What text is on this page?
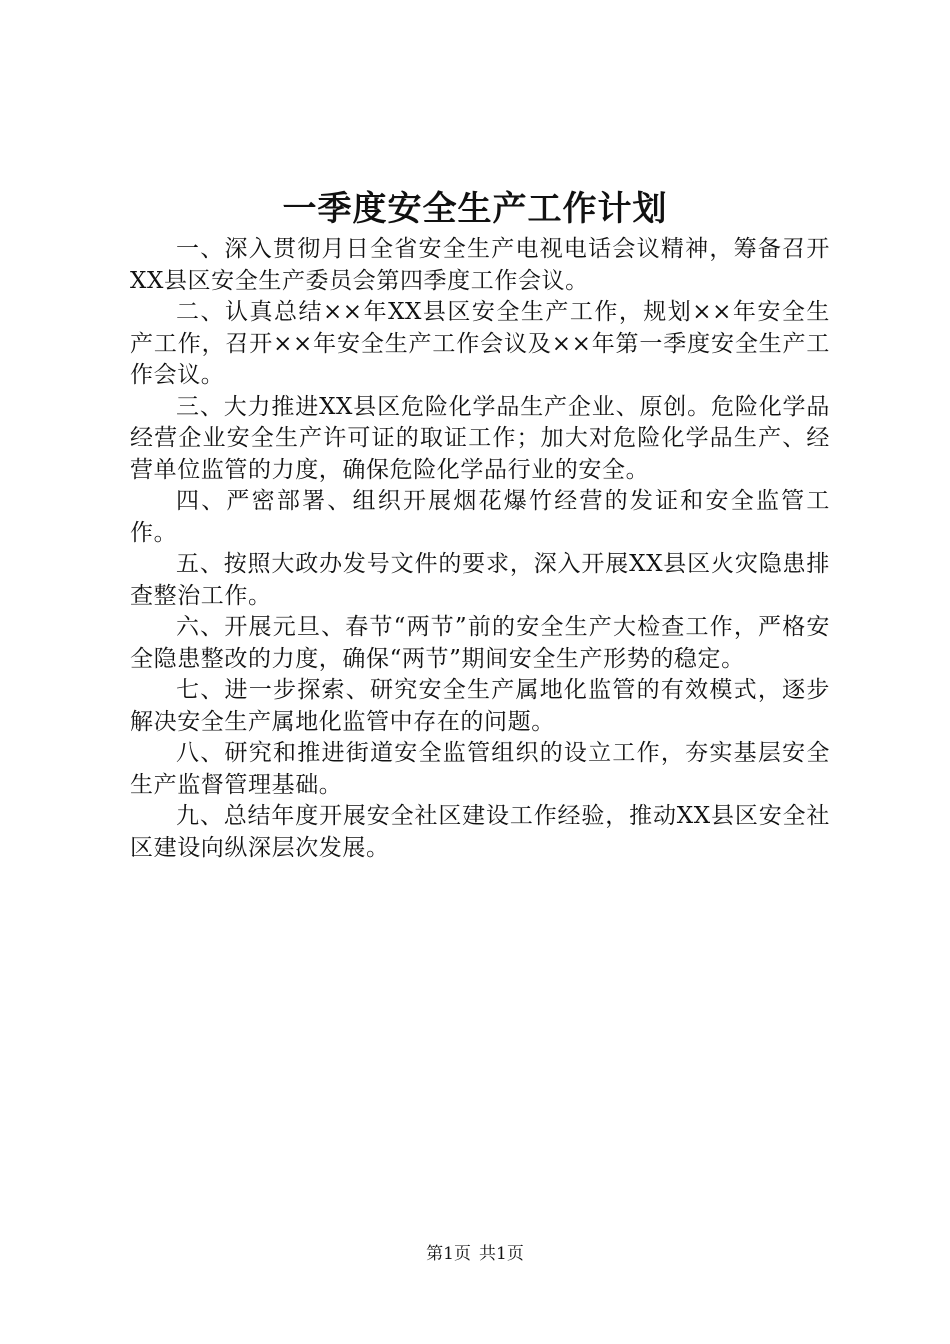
一季度安全生产工作计划

一、深入贯彻月日全省安全生产电视电话会议精神，筹备召开XX县区安全生产委员会第四季度工作会议。

二、认真总结××年XX县区安全生产工作，规划××年安全生产工作，召开××年安全生产工作会议及××年第一季度安全生产工作会议。

三、大力推进XX县区危险化学品生产企业、原创。危险化学品经营企业安全生产许可证的取证工作；加大对危险化学品生产、经营单位监管的力度，确保危险化学品行业的安全。

四、严密部署、组织开展烟花爆竹经营的发证和安全监管工作。

五、按照大政办发号文件的要求，深入开展XX县区火灾隐患排查整治工作。

六、开展元旦、春节“两节”前的安全生产大检查工作，严格安全隐患整改的力度，确保“两节”期间安全生产形势的稳定。

七、进一步探索、研究安全生产属地化监管的有效模式，逐步解决安全生产属地化监管中存在的问题。

八、研究和推进街道安全监管组织的设立工作，夯实基层安全生产监督管理基础。

九、总结年度开展安全社区建设工作经验，推动XX县区安全社区建设向纵深层次发展。

第1页 共1页
